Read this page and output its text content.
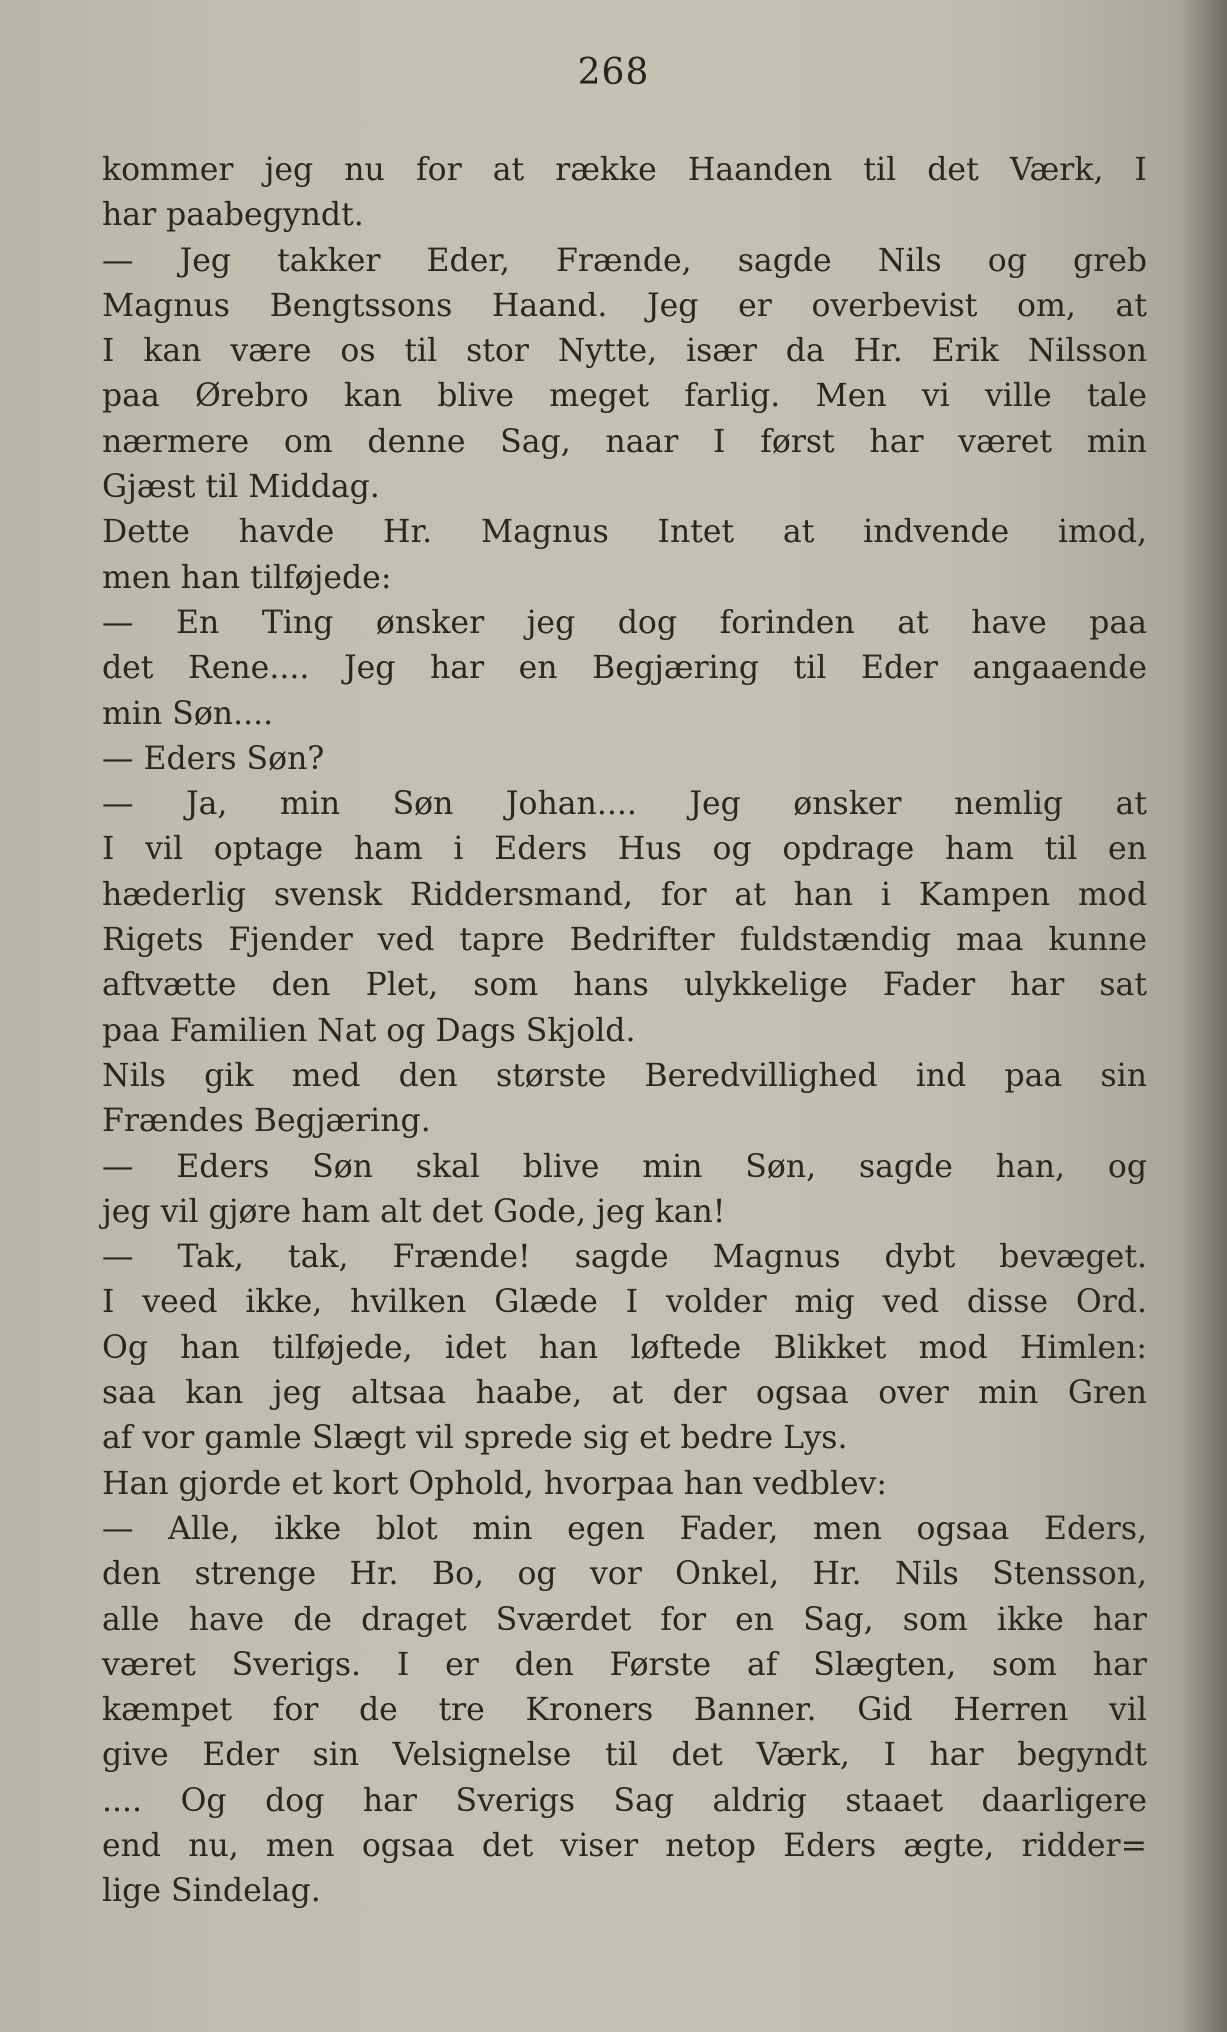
268
kommer jeg nu for at række Haanden til det Værk, I
har paabegyndt.
— Jeg takker Eder, Frænde, sagde Nils og greb
Magnus Bengtssons Haand. Jeg er overbevist om, at
I kan være os til stor Nytte, især da Hr. Erik Nilsson
paa Ørebro kan blive meget farlig. Men vi ville tale
nærmere om denne Sag, naar I først har været min
Gjæst til Middag.
Dette havde Hr. Magnus Intet at indvende imod,
men han tilføjede:
— En Ting ønsker jeg dog forinden at have paa
det Rene.... Jeg har en Begjæring til Eder angaaende
min Søn....
— Eders Søn?
— Ja, min Søn Johan.... Jeg ønsker nemlig at
I vil optage ham i Eders Hus og opdrage ham til en
hæderlig svensk Riddersmand, for at han i Kampen mod
Rigets Fjender ved tapre Bedrifter fuldstændig maa kunne
aftvætte den Plet, som hans ulykkelige Fader har sat
paa Familien Nat og Dags Skjold.
Nils gik med den største Beredvillighed ind paa sin
Frændes Begjæring.
— Eders Søn skal blive min Søn, sagde han, og
jeg vil gjøre ham alt det Gode, jeg kan!
— Tak, tak, Frænde! sagde Magnus dybt bevæget.
I veed ikke, hvilken Glæde I volder mig ved disse Ord.
Og han tilføjede, idet han løftede Blikket mod Himlen:
saa kan jeg altsaa haabe, at der ogsaa over min Gren
af vor gamle Slægt vil sprede sig et bedre Lys.
Han gjorde et kort Ophold, hvorpaa han vedblev:
— Alle, ikke blot min egen Fader, men ogsaa Eders,
den strenge Hr. Bo, og vor Onkel, Hr. Nils Stensson,
alle have de draget Sværdet for en Sag, som ikke har
været Sverigs. I er den Første af Slægten, som har
kæmpet for de tre Kroners Banner. Gid Herren vil
give Eder sin Velsignelse til det Værk, I har begyndt
.... Og dog har Sverigs Sag aldrig staaet daarligere
end nu, men ogsaa det viser netop Eders ægte, ridder=
lige Sindelag.
